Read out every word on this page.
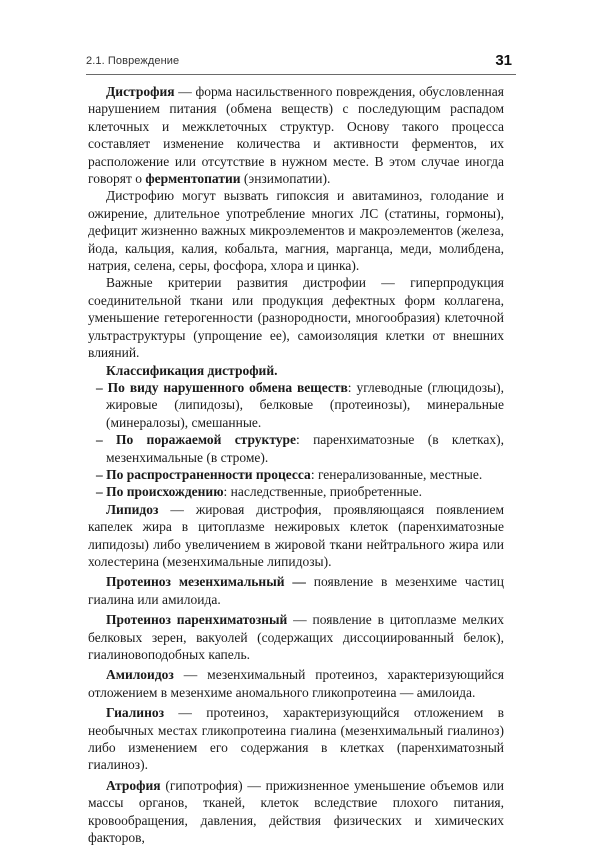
2.1. Повреждение	31

Дистрофия — форма насильственного повреждения, обусловленная нарушением питания (обмена веществ) с последующим распадом клеточных и межклеточных структур. Основу такого процесса составляет изменение количества и активности ферментов, их расположение или отсутствие в нужном месте. В этом случае иногда говорят о ферментопатии (энзимопатии).

Дистрофию могут вызвать гипоксия и авитаминоз, голодание и ожирение, длительное употребление многих ЛС (статины, гормоны), дефицит жизненно важных микроэлементов и макроэлементов (железа, йода, кальция, калия, кобальта, магния, марганца, меди, молибдена, натрия, селена, серы, фосфора, хлора и цинка).

Важные критерии развития дистрофии — гиперпродукция соединительной ткани или продукция дефектных форм коллагена, уменьшение гетерогенности (разнородности, многообразия) клеточной ультраструктуры (упрощение ее), самоизоляция клетки от внешних влияний.

Классификация дистрофий.

– По виду нарушенного обмена веществ: углеводные (глюцидозы), жировые (липидозы), белковые (протеинозы), минеральные (минералозы), смешанные.

– По поражаемой структуре: паренхиматозные (в клетках), мезенхимальные (в строме).

– По распространенности процесса: генерализованные, местные.

– По происхождению: наследственные, приобретенные.

Липидоз — жировая дистрофия, проявляющаяся появлением капелек жира в цитоплазме нежировых клеток (паренхиматозные липидозы) либо увеличением в жировой ткани нейтрального жира или холестерина (мезенхимальные липидозы).

Протеиноз мезенхимальный — появление в мезенхиме частиц гиалина или амилоида.

Протеиноз паренхиматозный — появление в цитоплазме мелких белковых зерен, вакуолей (содержащих диссоциированный белок), гиалиновоподобных капель.

Амилоидоз — мезенхимальный протеиноз, характеризующийся отложением в мезенхиме аномального гликопротеина — амилоида.

Гиалиноз — протеиноз, характеризующийся отложением в необычных местах гликопротеина гиалина (мезенхимальный гиалиноз) либо изменением его содержания в клетках (паренхиматозный гиалиноз).

Атрофия (гипотрофия) — прижизненное уменьшение объемов или массы органов, тканей, клеток вследствие плохого питания, кровообращения, давления, действия физических и химических факторов,
